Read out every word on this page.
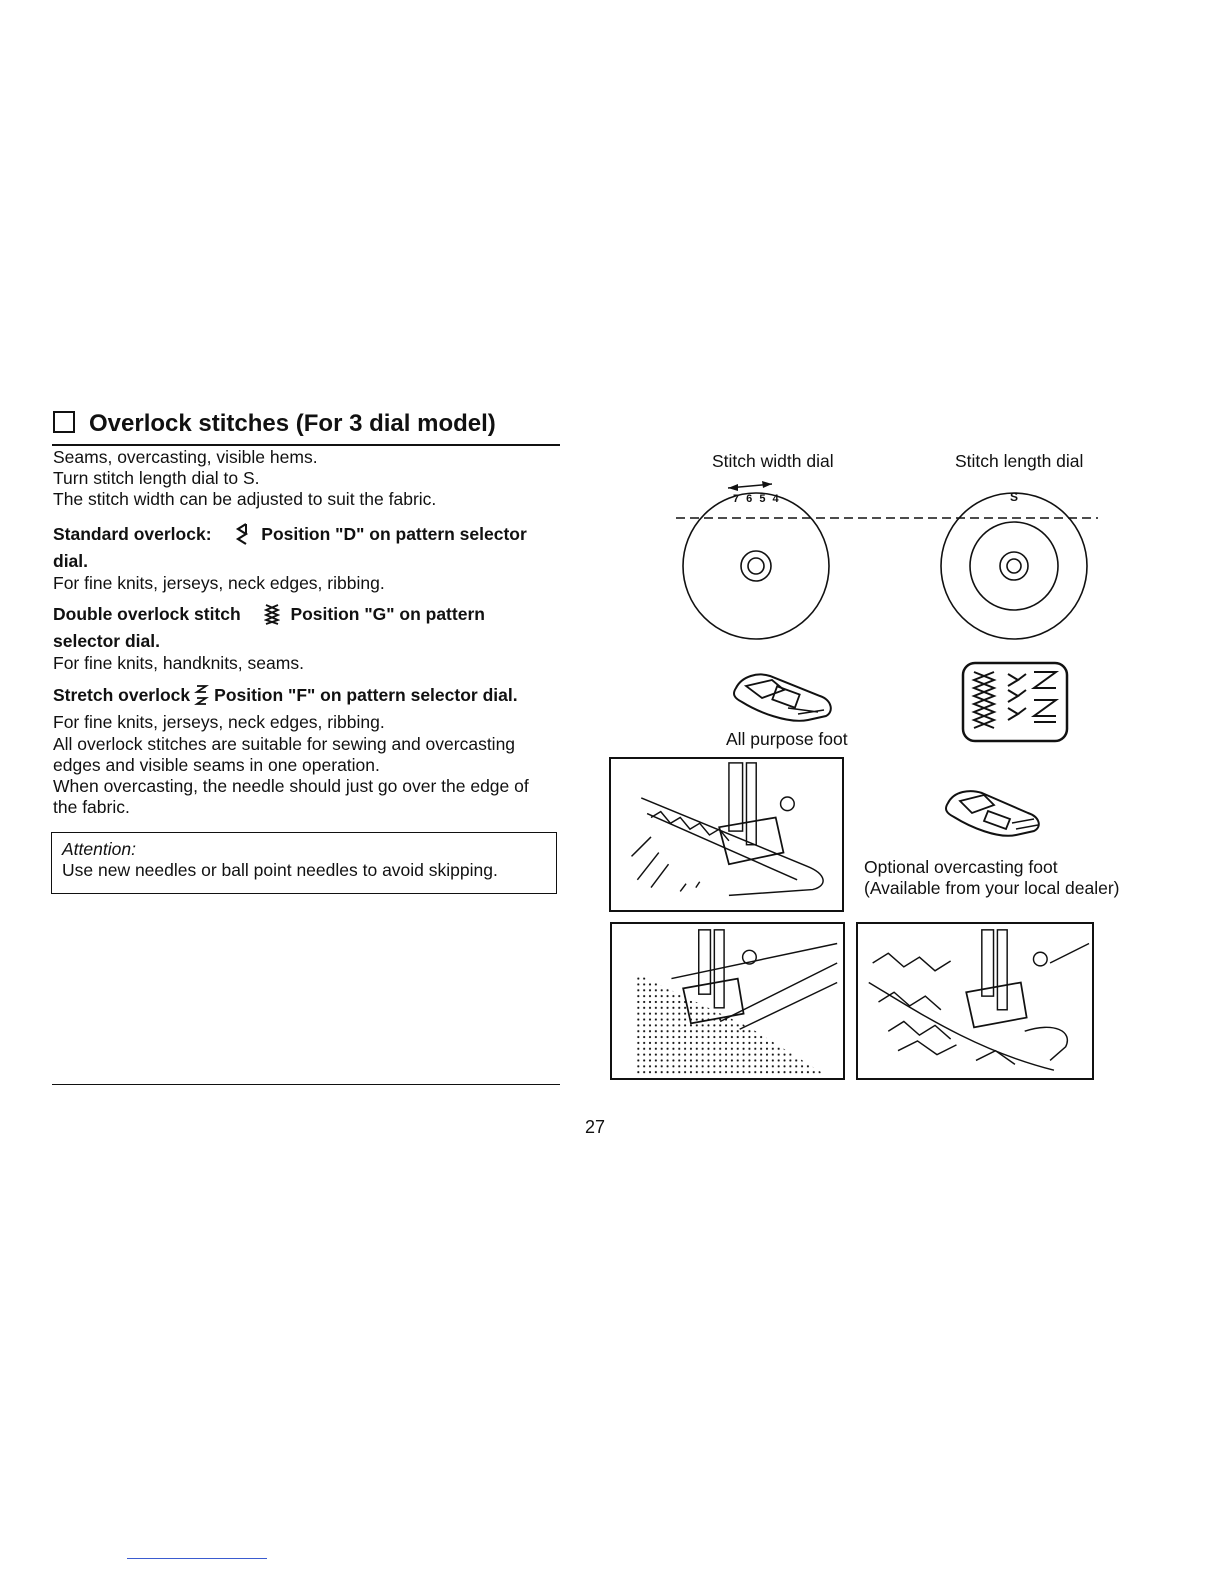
Overlock stitches (For 3 dial model)

Seams, overcasting, visible hems.

Turn stitch length dial to S.

The stitch width can be adjusted to suit the fabric.

Standard overlock:	Position "D" on pattern selector
dial.
For fine knits, jerseys, neck edges, ribbing.
Double overlock stitch	Position "G" on pattern
selector dial.
For fine knits, handknits, seams.
Stretch overlock Position "F" on pattern selector dial.
For fine knits, jerseys, neck edges, ribbing.

All overlock stitches are suitable for sewing and overcasting

edges and visible seams in one operation.

When overcasting, the needle should just go over the edge of

the fabric.

Attention:
Use new needles or ball point needles to avoid skipping.
Stitch width dial	Stitch length dial
7 6 5 4	S
All purpose foot
Optional overcasting foot
(Available from your local dealer)
27
